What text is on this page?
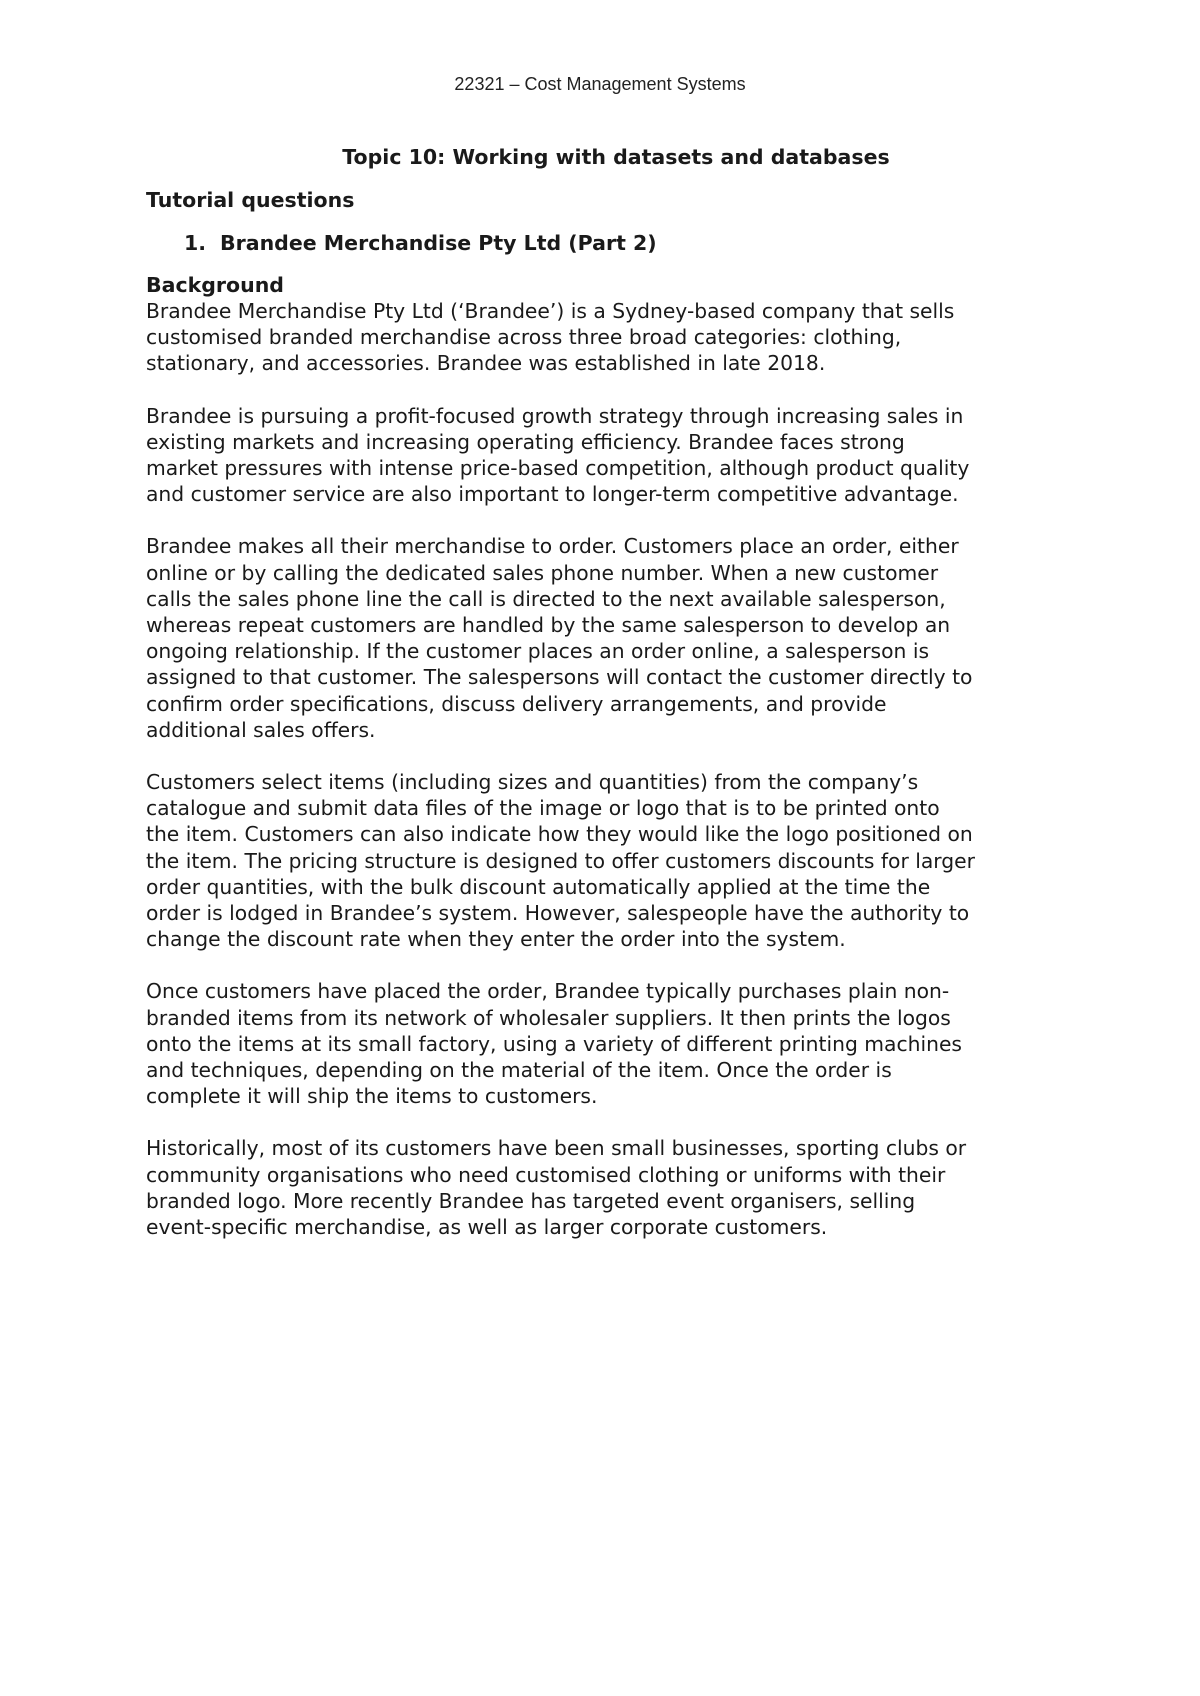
22321 – Cost Management Systems
Topic 10: Working with datasets and databases
Tutorial questions
1. Brandee Merchandise Pty Ltd (Part 2)
Background

Brandee Merchandise Pty Ltd (‘Brandee’) is a Sydney-based company that sells
customised branded merchandise across three broad categories: clothing,
stationary, and accessories. Brandee was established in late 2018.

Brandee is pursuing a profit-focused growth strategy through increasing sales in
existing markets and increasing operating efficiency. Brandee faces strong
market pressures with intense price-based competition, although product quality
and customer service are also important to longer-term competitive advantage.

Brandee makes all their merchandise to order. Customers place an order, either
online or by calling the dedicated sales phone number. When a new customer
calls the sales phone line the call is directed to the next available salesperson,
whereas repeat customers are handled by the same salesperson to develop an
ongoing relationship. If the customer places an order online, a salesperson is
assigned to that customer. The salespersons will contact the customer directly to
confirm order specifications, discuss delivery arrangements, and provide
additional sales offers.

Customers select items (including sizes and quantities) from the company’s
catalogue and submit data files of the image or logo that is to be printed onto
the item. Customers can also indicate how they would like the logo positioned on
the item. The pricing structure is designed to offer customers discounts for larger
order quantities, with the bulk discount automatically applied at the time the
order is lodged in Brandee’s system. However, salespeople have the authority to
change the discount rate when they enter the order into the system.

Once customers have placed the order, Brandee typically purchases plain non-
branded items from its network of wholesaler suppliers. It then prints the logos
onto the items at its small factory, using a variety of different printing machines
and techniques, depending on the material of the item. Once the order is
complete it will ship the items to customers.

Historically, most of its customers have been small businesses, sporting clubs or
community organisations who need customised clothing or uniforms with their
branded logo. More recently Brandee has targeted event organisers, selling
event-specific merchandise, as well as larger corporate customers.
